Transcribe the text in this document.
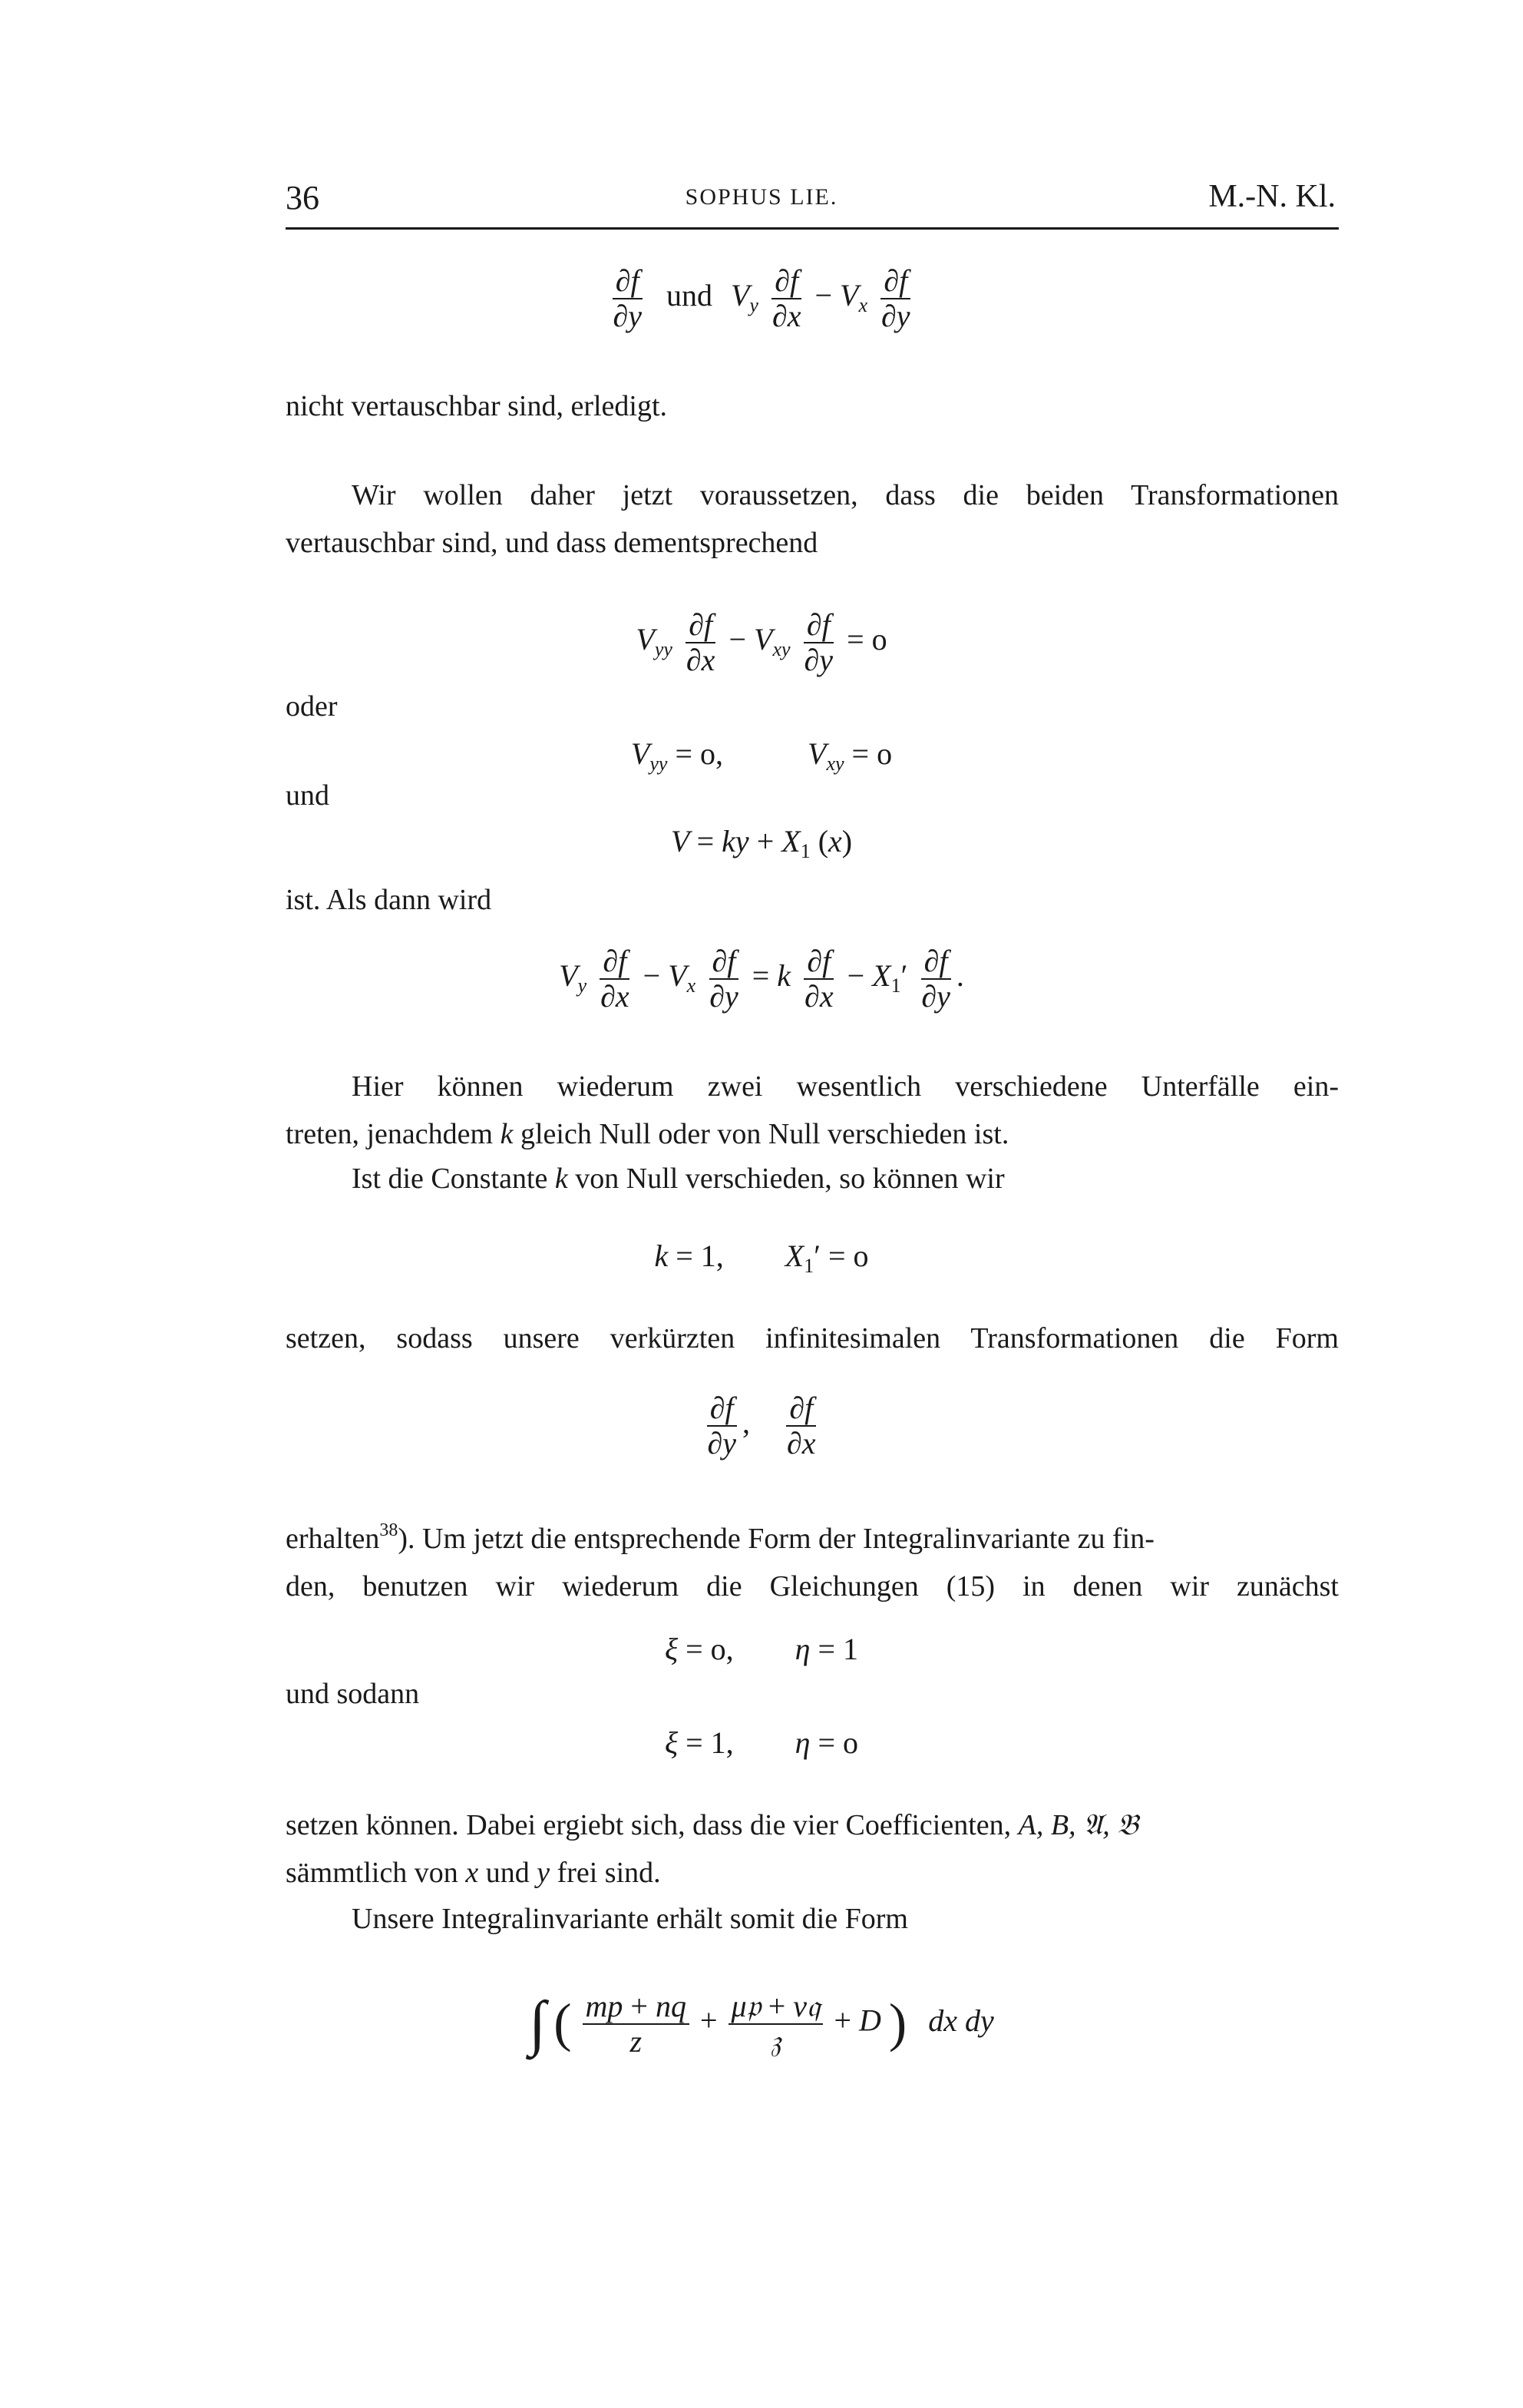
36	SOPHUS LIE.	M.-N. Kl.
$\frac{\partial f}{\partial y}$ und $V_y \frac{\partial f}{\partial x} - V_x \frac{\partial f}{\partial y}$
nicht vertauschbar sind, erledigt.
Wir wollen daher jetzt voraussetzen, dass die beiden Transformationen
vertauschbar sind, und dass dementsprechend
$V_{yy} \frac{\partial f}{\partial x} - V_{xy} \frac{\partial f}{\partial y} = o$
oder
$V_{yy} = o$,	$V_{xy} = o$
und
V = ky + $X_1$ (x)
ist. Als dann wird
$V_y \frac{\partial f}{\partial x} - V_x \frac{\partial f}{\partial y} = k \frac{\partial f}{\partial x} - X_1' \frac{\partial f}{\partial y}$ .
Hier können wiederum zwei wesentlich verschiedene Unterfälle ein-
treten, jenachdem k gleich Null oder von Null verschieden ist.
Ist die Constante k von Null verschieden, so können wir
k = 1, $X_1' = o$
setzen, sodass unsere verkürzten infinitesimalen Transformationen die Form
$\frac{\partial f}{\partial y}$ , $\frac{\partial f}{\partial x}$
erhalten$^{38}$). Um jetzt die entsprechende Form der Integralinvariante zu fin-
den, benutzen wir wiederum die Gleichungen (15) in denen wir zunächst
ξ = o, η = 1
und sodann
ξ = 1, η = o
setzen können. Dabei ergiebt sich, dass die vier Coefficienten, A, B, 𝔄, 𝔅
sämmtlich von x und y frei sind.
Unsere Integralinvariante erhält somit die Form
∫ ( $\frac{mp + nq}{z} + \frac{\text{μ𝔭 + ν𝔮}}{\text{𝔷}} + D$ ) dx dy
